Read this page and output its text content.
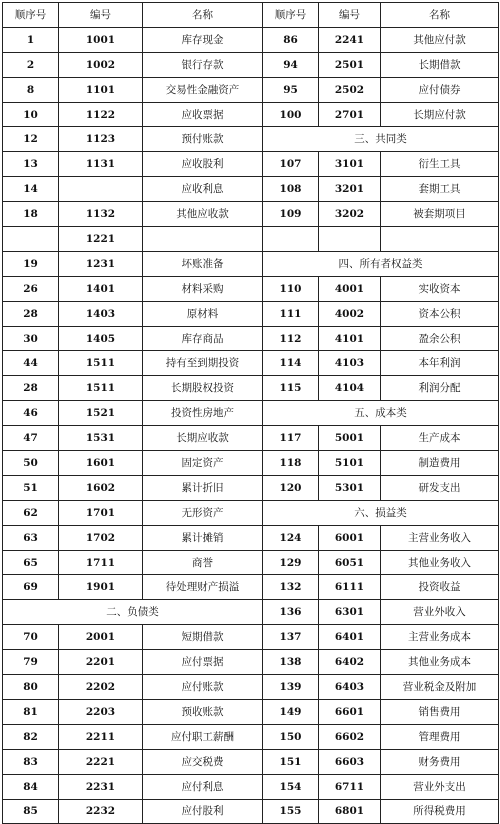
顺序号	编号	名称	顺序号	编号	名称
1	1001	库存现金	86	2241	其他应付款
2	1002	银行存款	94	2501	长期借款
8	1101	交易性金融资产	95	2502	应付债券
10	1122	应收票据	100	2701	长期应付款
12	1123	预付账款	三、共同类		
13	1131	应收股利	107	3101	衍生工具
14		应收利息	108	3201	套期工具
18	1132	其他应收款	109	3202	被套期项目
	1221				
19	1231	坏账准备	四、所有者权益类		
26	1401	材料采购	110	4001	实收资本
28	1403	原材料	111	4002	资本公积
30	1405	库存商品	112	4101	盈余公积
44	1511	持有至到期投资	114	4103	本年利润
28	1511	长期股权投资	115	4104	利润分配
46	1521	投资性房地产	五、成本类		
47	1531	长期应收款	117	5001	生产成本
50	1601	固定资产	118	5101	制造费用
51	1602	累计折旧	120	5301	研发支出
62	1701	无形资产	六、损益类		
63	1702	累计摊销	124	6001	主营业务收入
65	1711	商誉	129	6051	其他业务收入
69	1901	待处理财产损溢	132	6111	投资收益
二、负债类			136	6301	营业外收入
70	2001	短期借款	137	6401	主营业务成本
79	2201	应付票据	138	6402	其他业务成本
80	2202	应付账款	139	6403	营业税金及附加
81	2203	预收账款	149	6601	销售费用
82	2211	应付职工薪酬	150	6602	管理费用
83	2221	应交税费	151	6603	财务费用
84	2231	应付利息	154	6711	营业外支出
85	2232	应付股利	155	6801	所得税费用
